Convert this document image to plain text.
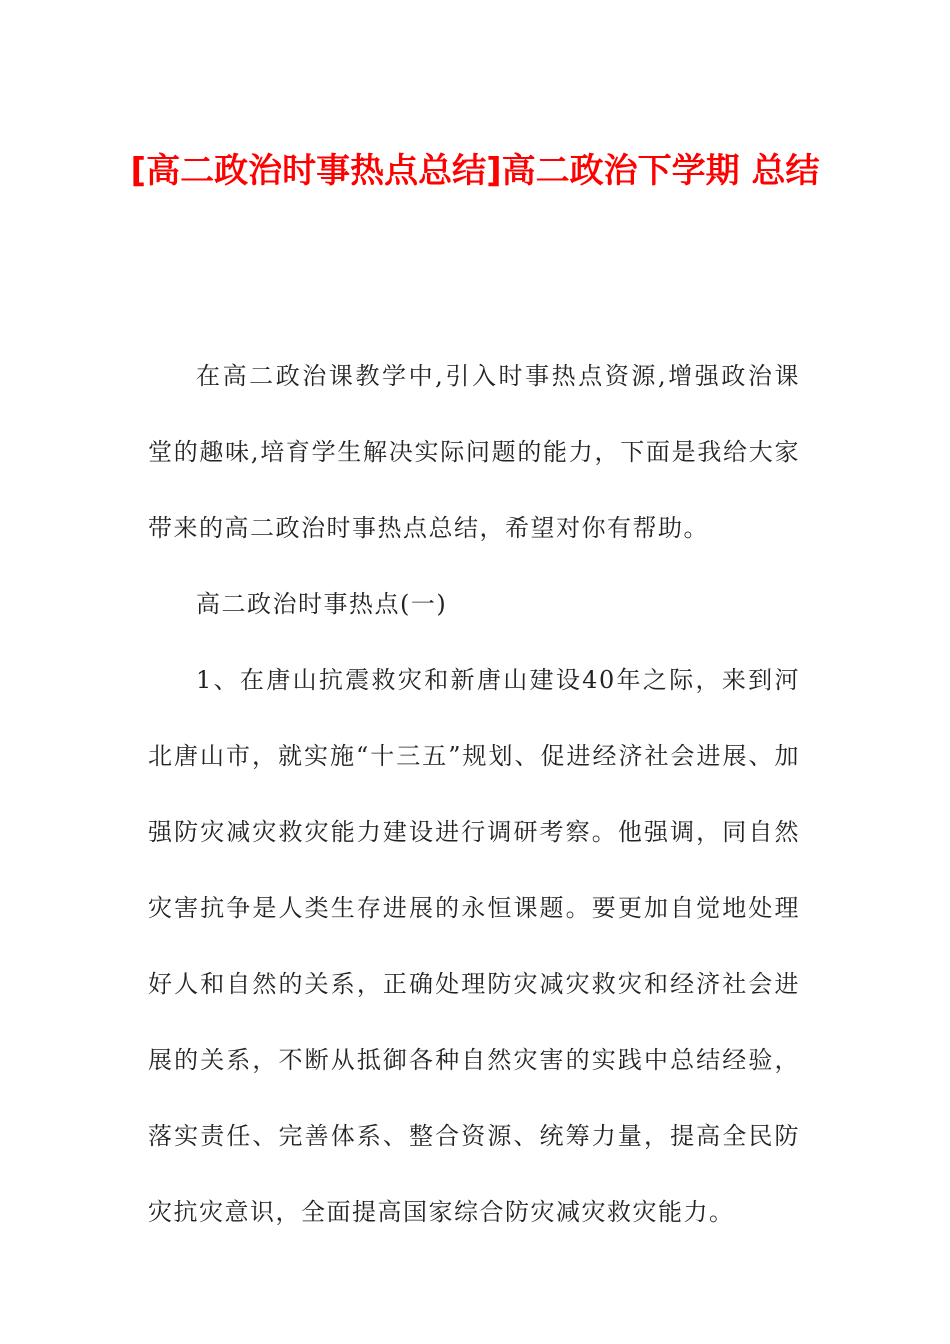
[高二政治时事热点总结]高二政治下学期 总结

在高二政治课教学中,引入时事热点资源,增强政治课堂的趣味,培育学生解决实际问题的能力，下面是我给大家带来的高二政治时事热点总结，希望对你有帮助。

高二政治时事热点(一)

1、在唐山抗震救灾和新唐山建设40年之际，来到河北唐山市，就实施“十三五”规划、促进经济社会进展、加强防灾减灾救灾能力建设进行调研考察。他强调，同自然灾害抗争是人类生存进展的永恒课题。要更加自觉地处理好人和自然的关系，正确处理防灾减灾救灾和经济社会进展的关系，不断从抵御各种自然灾害的实践中总结经验，落实责任、完善体系、整合资源、统筹力量，提高全民防灾抗灾意识，全面提高国家综合防灾减灾救灾能力。
